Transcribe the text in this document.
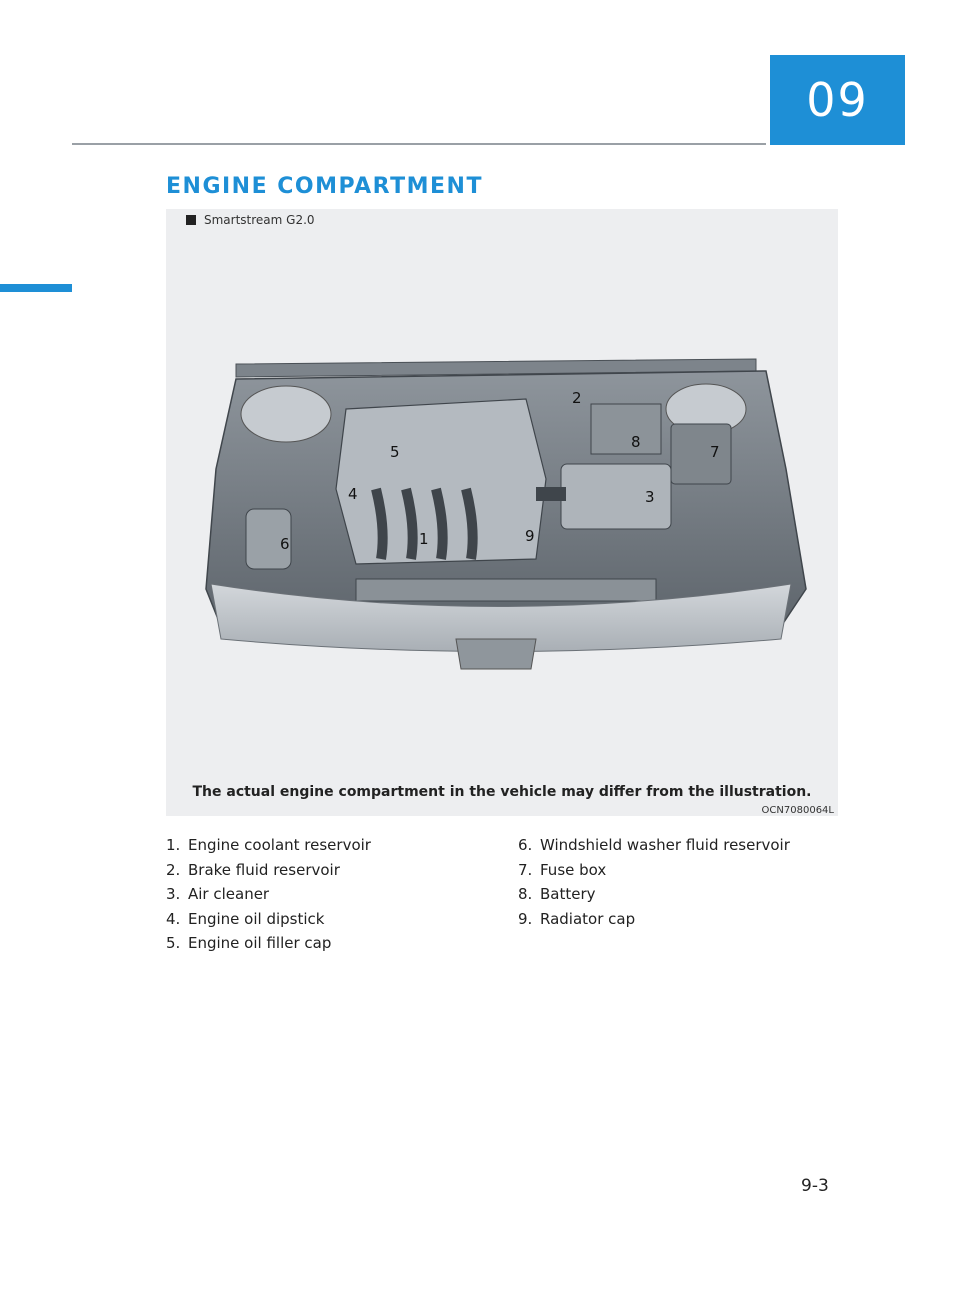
09
ENGINE COMPARTMENT
Smartstream G2.0
1
2
3
4
5
6
7
8
9
The actual engine compartment in the vehicle may differ from the illustration.
OCN7080064L
1. Engine coolant reservoir
2. Brake fluid reservoir
3. Air cleaner
4. Engine oil dipstick
5. Engine oil filler cap
6. Windshield washer fluid reservoir
7. Fuse box
8. Battery
9. Radiator cap
9-3
